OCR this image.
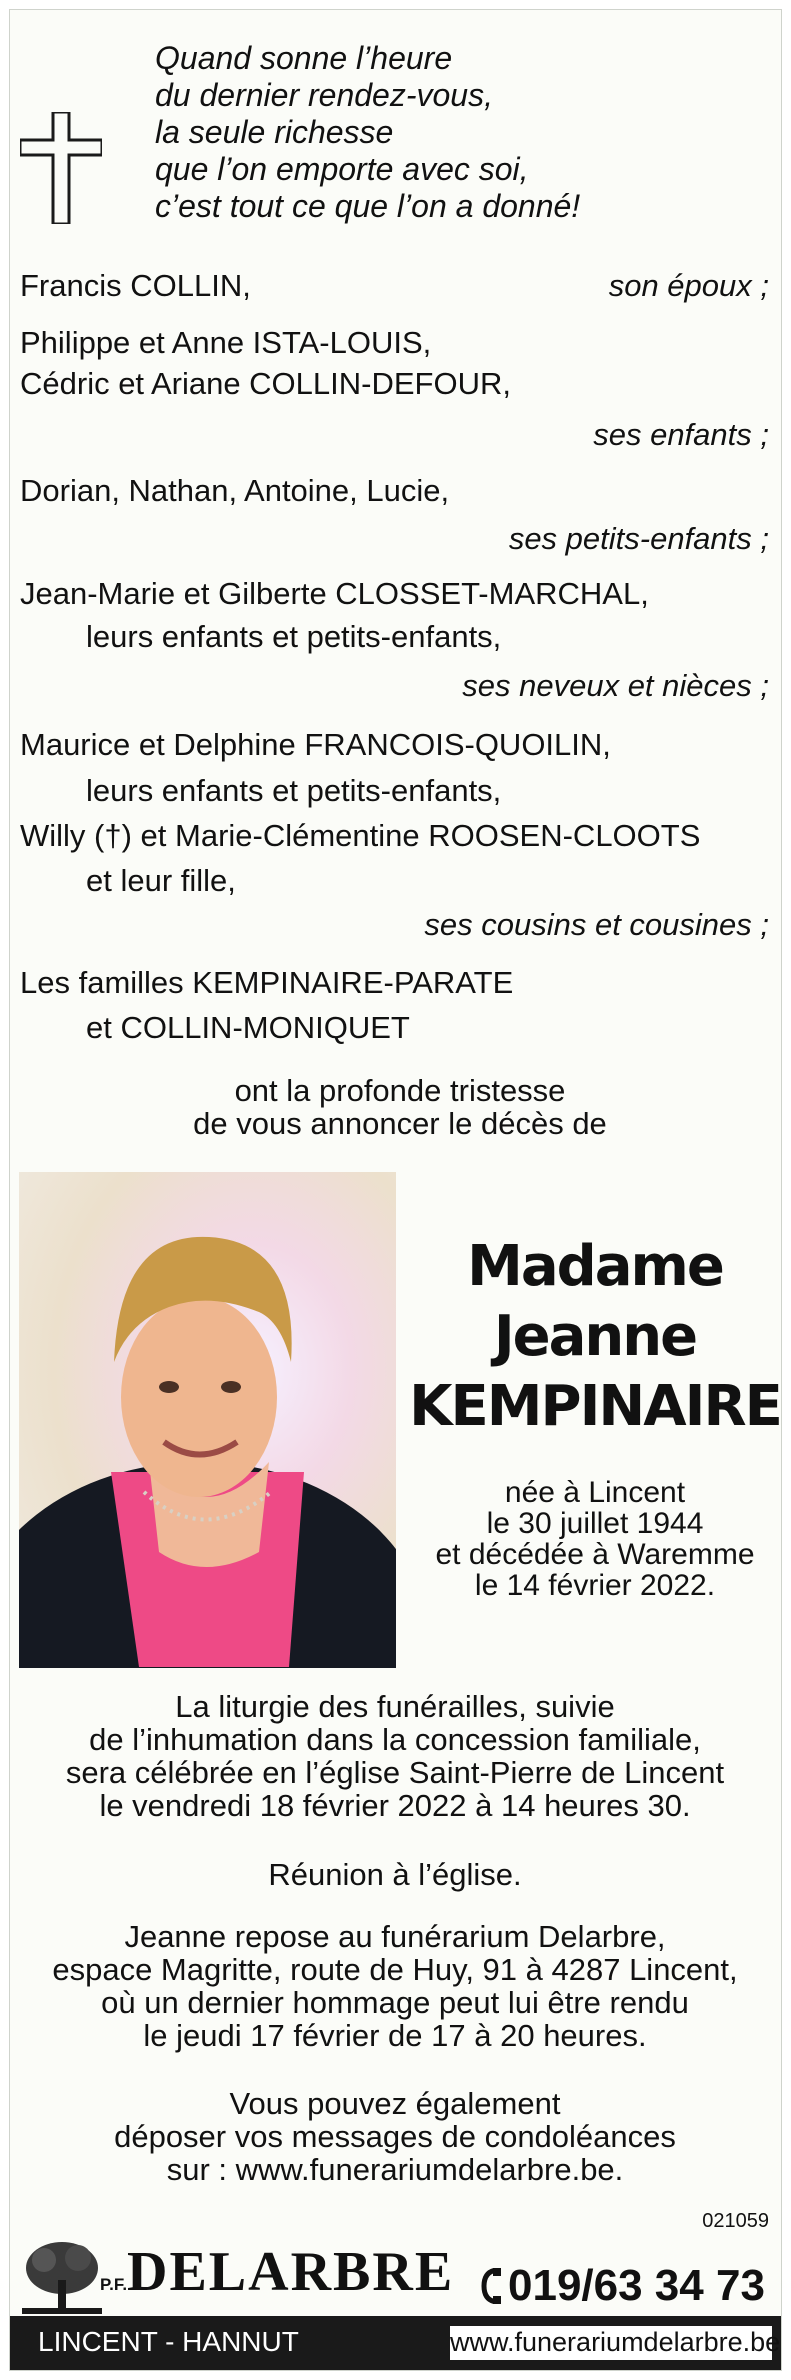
Quand sonne l’heure
du dernier rendez-vous,
la seule richesse
que l’on emporte avec soi,
c’est tout ce que l’on a donné!
Francis COLLIN,	son époux ;
Philippe et Anne ISTA-LOUIS,
Cédric et Ariane COLLIN-DEFOUR,
ses enfants ;
Dorian, Nathan, Antoine, Lucie,
ses petits-enfants ;
Jean-Marie et Gilberte CLOSSET-MARCHAL,
leurs enfants et petits-enfants,
ses neveux et nièces ;
Maurice et Delphine FRANCOIS-QUOILIN,
leurs enfants et petits-enfants,
Willy (†) et Marie-Clémentine ROOSEN-CLOOTS
et leur fille,
ses cousins et cousines ;
Les familles KEMPINAIRE-PARATE
et COLLIN-MONIQUET
ont la profonde tristesse
de vous annoncer le décès de
Madame
Jeanne
KEMPINAIRE
née à Lincent
le 30 juillet 1944
et décédée à Waremme
le 14 février 2022.
La liturgie des funérailles, suivie
de l’inhumation dans la concession familiale,
sera célébrée en l’église Saint-Pierre de Lincent
le vendredi 18 février 2022 à 14 heures 30.
Réunion à l’église.
Jeanne repose au funérarium Delarbre,
espace Magritte, route de Huy, 91 à 4287 Lincent,
où un dernier hommage peut lui être rendu
le jeudi 17 février de 17 à 20 heures.
Vous pouvez également
déposer vos messages de condoléances
sur : www.funerariumdelarbre.be.
021059
P.F. DELARBRE 019/63 34 73
LINCENT - HANNUT	www.funerariumdelarbre.be
